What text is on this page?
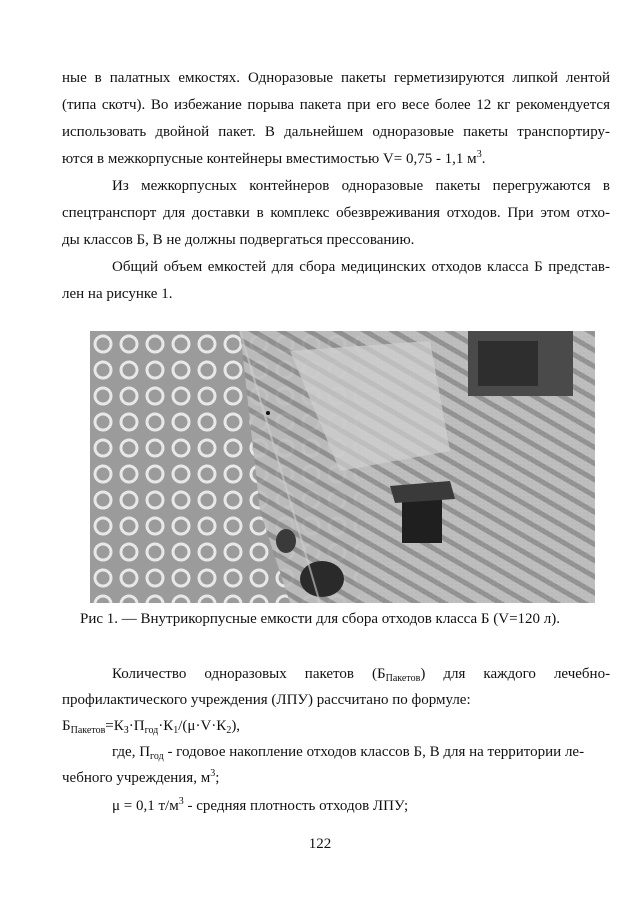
ные в палатных емкостях. Одноразовые пакеты герметизируются липкой лентой
(типа скотч). Во избежание порыва пакета при его весе более 12 кг рекомендуется
использовать двойной пакет. В дальнейшем одноразовые пакеты транспортиру-
ются в межкорпусные контейнеры вместимостью V= 0,75 - 1,1 $м^3$.
Из межкорпусных контейнеров одноразовые пакеты перегружаются в
спецтранспорт для доставки в комплекс обезвреживания отходов. При этом отхо-
ды классов Б, В не должны подвергаться прессованию.
Общий объем емкостей для сбора медицинских отходов класса Б представ-
лен на рисунке 1.
Рис 1. — Внутрикорпусные емкости для сбора отходов класса Б (V=120 л).
Количество одноразовых пакетов $(Б_{Пакетов})$ для каждого лечебно-
профилактического учреждения (ЛПУ) рассчитано по формуле:
$Б_{Пакетов}=К_З\cdot П_{год}\cdot К_1/(\mu\cdot V\cdot К_2)$,
где, $П_{год}$ - годовое накопление отходов классов Б, В для на территории ле-
чебного учреждения, $м^3$;
μ = 0,1 $т/м^3$ - средняя плотность отходов ЛПУ;
122
